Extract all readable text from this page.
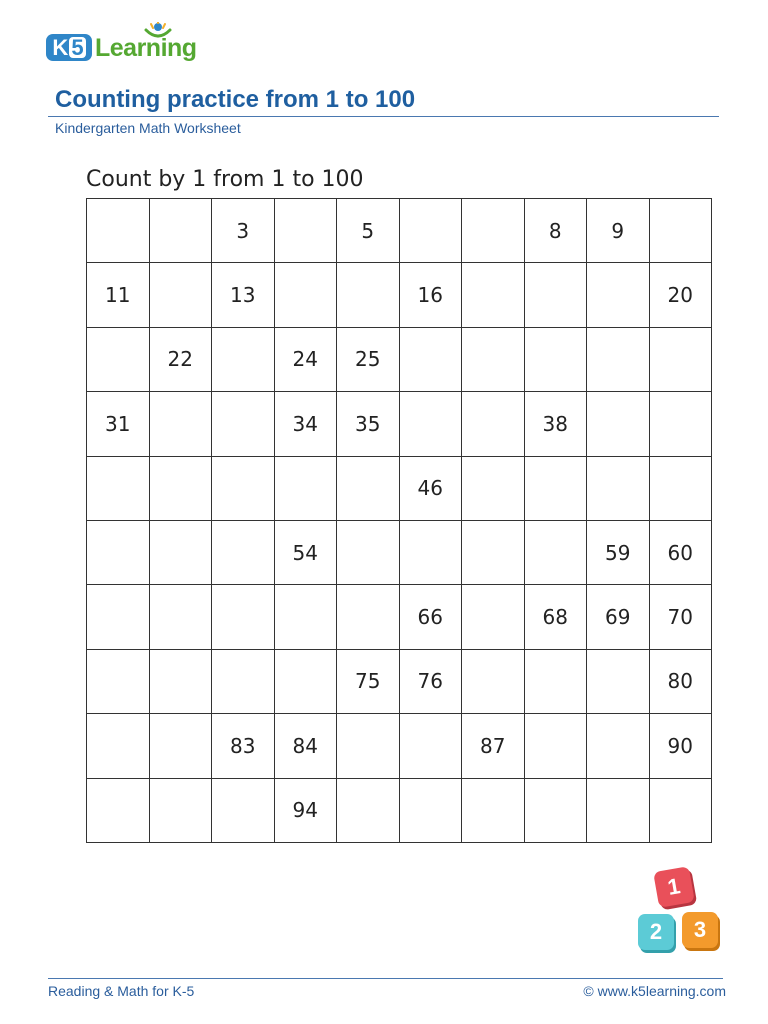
K 5 Learning
Counting practice from 1 to 100
Kindergarten Math Worksheet
Count by 1 from 1 to 100
		3		5			8	9	
11		13			16				20
	22		24	25					
31			34	35			38		
					46				
			54					59	60
					66		68	69	70
				75	76				80
		83	84			87			90
			94						
1
2	3
Reading & Math for K-5	© www.k5learning.com
